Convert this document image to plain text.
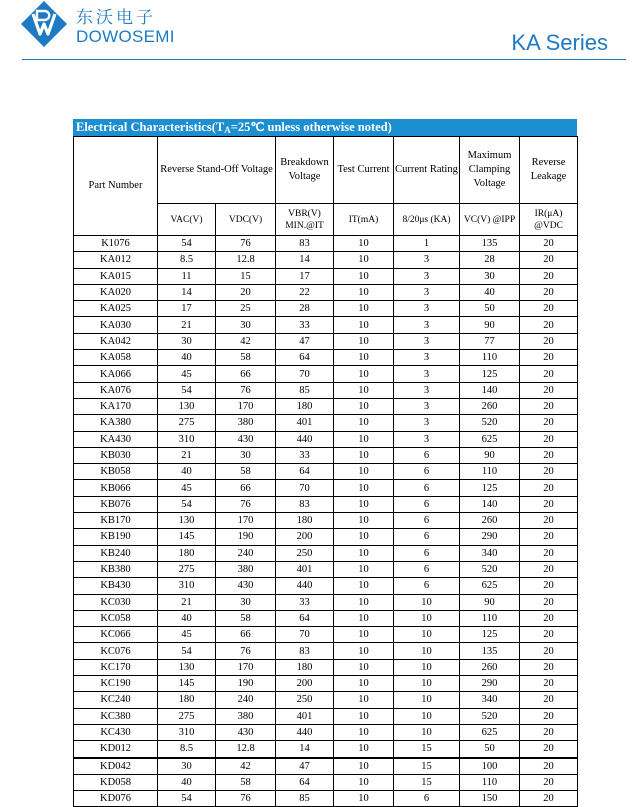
东沃电子
DOWOSEMI	KA Series
Electrical $Characteristics(T_A=25℃$ unless otherwise noted)
Part Number	Reverse Stand-Off Voltage		Breakdown Voltage	Test Current	Current Rating	Maximum Clamping Voltage	Reverse Leakage
	VAC(V)	VDC(V)	VBR(V) MIN.@IT	IT(mA)	8/20μs (KA)	VC(V) @IPP	IR(μA) @VDC
K1076	54	76	83	10	1	135	20
KA012	8.5	12.8	14	10	3	28	20
KA015	11	15	17	10	3	30	20
KA020	14	20	22	10	3	40	20
KA025	17	25	28	10	3	50	20
KA030	21	30	33	10	3	90	20
KA042	30	42	47	10	3	77	20
KA058	40	58	64	10	3	110	20
KA066	45	66	70	10	3	125	20
KA076	54	76	85	10	3	140	20
KA170	130	170	180	10	3	260	20
KA380	275	380	401	10	3	520	20
KA430	310	430	440	10	3	625	20
KB030	21	30	33	10	6	90	20
KB058	40	58	64	10	6	110	20
KB066	45	66	70	10	6	125	20
KB076	54	76	83	10	6	140	20
KB170	130	170	180	10	6	260	20
KB190	145	190	200	10	6	290	20
KB240	180	240	250	10	6	340	20
KB380	275	380	401	10	6	520	20
KB430	310	430	440	10	6	625	20
KC030	21	30	33	10	10	90	20
KC058	40	58	64	10	10	110	20
KC066	45	66	70	10	10	125	20
KC076	54	76	83	10	10	135	20
KC170	130	170	180	10	10	260	20
KC190	145	190	200	10	10	290	20
KC240	180	240	250	10	10	340	20
KC380	275	380	401	10	10	520	20
KC430	310	430	440	10	10	625	20
KD012	8.5	12.8	14	10	15	50	20
KD042	30	42	47	10	15	100	20
KD058	40	58	64	10	15	110	20
KD076	54	76	85	10	6	150	20
